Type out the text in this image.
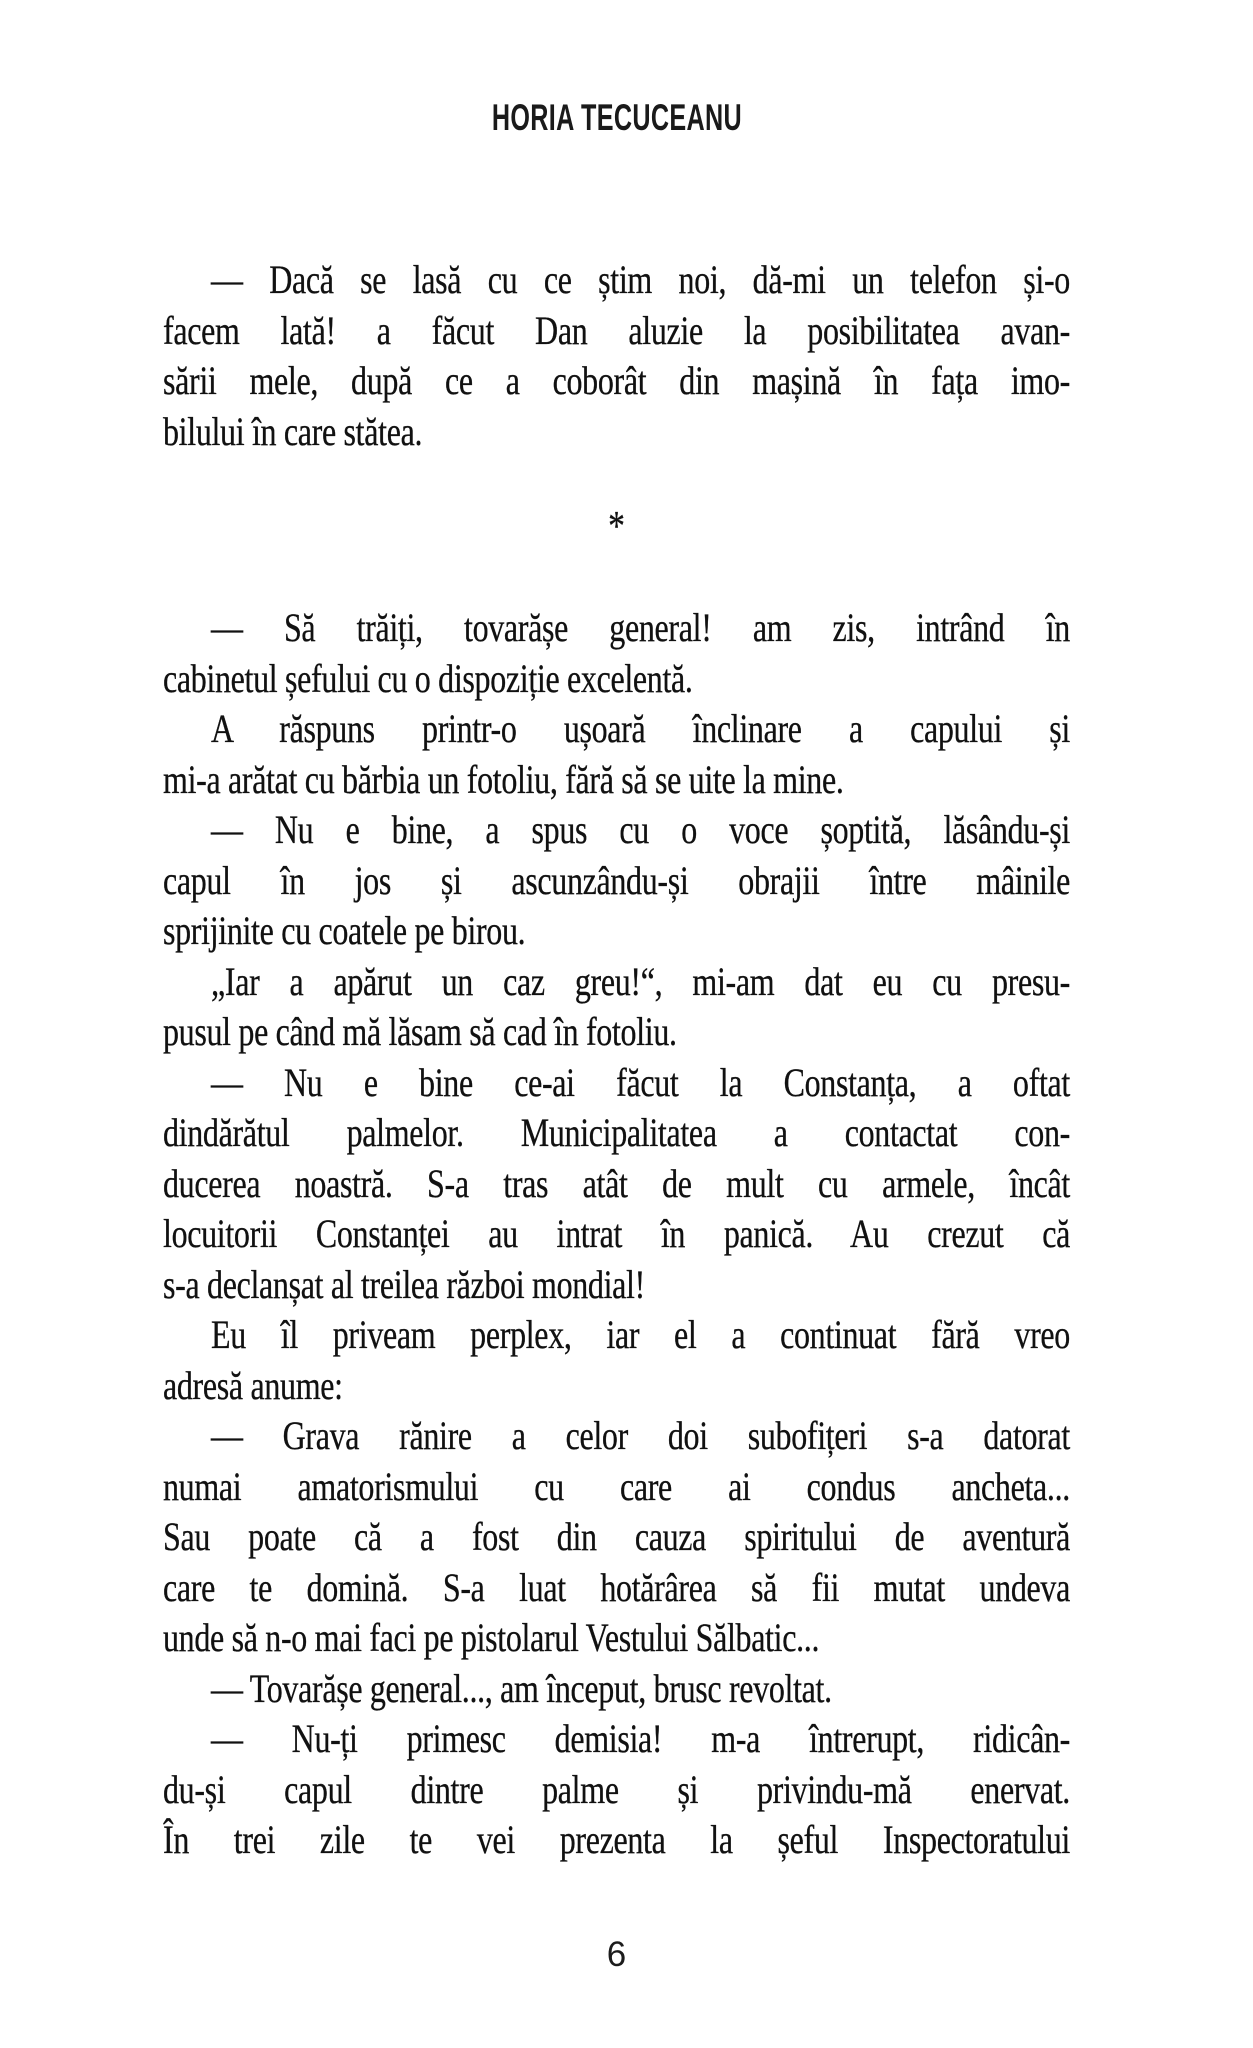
HORIA TECUCEANU
— Dacă se lasă cu ce știm noi, dă-mi un telefon și-o
facem lată! a făcut Dan aluzie la posibilitatea avan-
sării mele, după ce a coborât din mașină în fața imo-
bilului în care stătea.
*
— Să trăiți, tovarășe general! am zis, intrând în
cabinetul șefului cu o dispoziție excelentă.
A răspuns printr-o ușoară înclinare a capului și
mi-a arătat cu bărbia un fotoliu, fără să se uite la mine.
— Nu e bine, a spus cu o voce șoptită, lăsându-și
capul în jos și ascunzându-și obrajii între mâinile
sprijinite cu coatele pe birou.
„Iar a apărut un caz greu!“, mi-am dat eu cu presu-
pusul pe când mă lăsam să cad în fotoliu.
— Nu e bine ce-ai făcut la Constanța, a oftat
dindărătul palmelor. Municipalitatea a contactat con-
ducerea noastră. S-a tras atât de mult cu armele, încât
locuitorii Constanței au intrat în panică. Au crezut că
s-a declanșat al treilea război mondial!
Eu îl priveam perplex, iar el a continuat fără vreo
adresă anume:
— Grava rănire a celor doi subofițeri s-a datorat
numai amatorismului cu care ai condus ancheta...
Sau poate că a fost din cauza spiritului de aventură
care te domină. S-a luat hotărârea să fii mutat undeva
unde să n-o mai faci pe pistolarul Vestului Sălbatic...
— Tovarășe general..., am început, brusc revoltat.
— Nu-ți primesc demisia! m-a întrerupt, ridicân-
du-și capul dintre palme și privindu-mă enervat.
În trei zile te vei prezenta la șeful Inspectoratului
6
